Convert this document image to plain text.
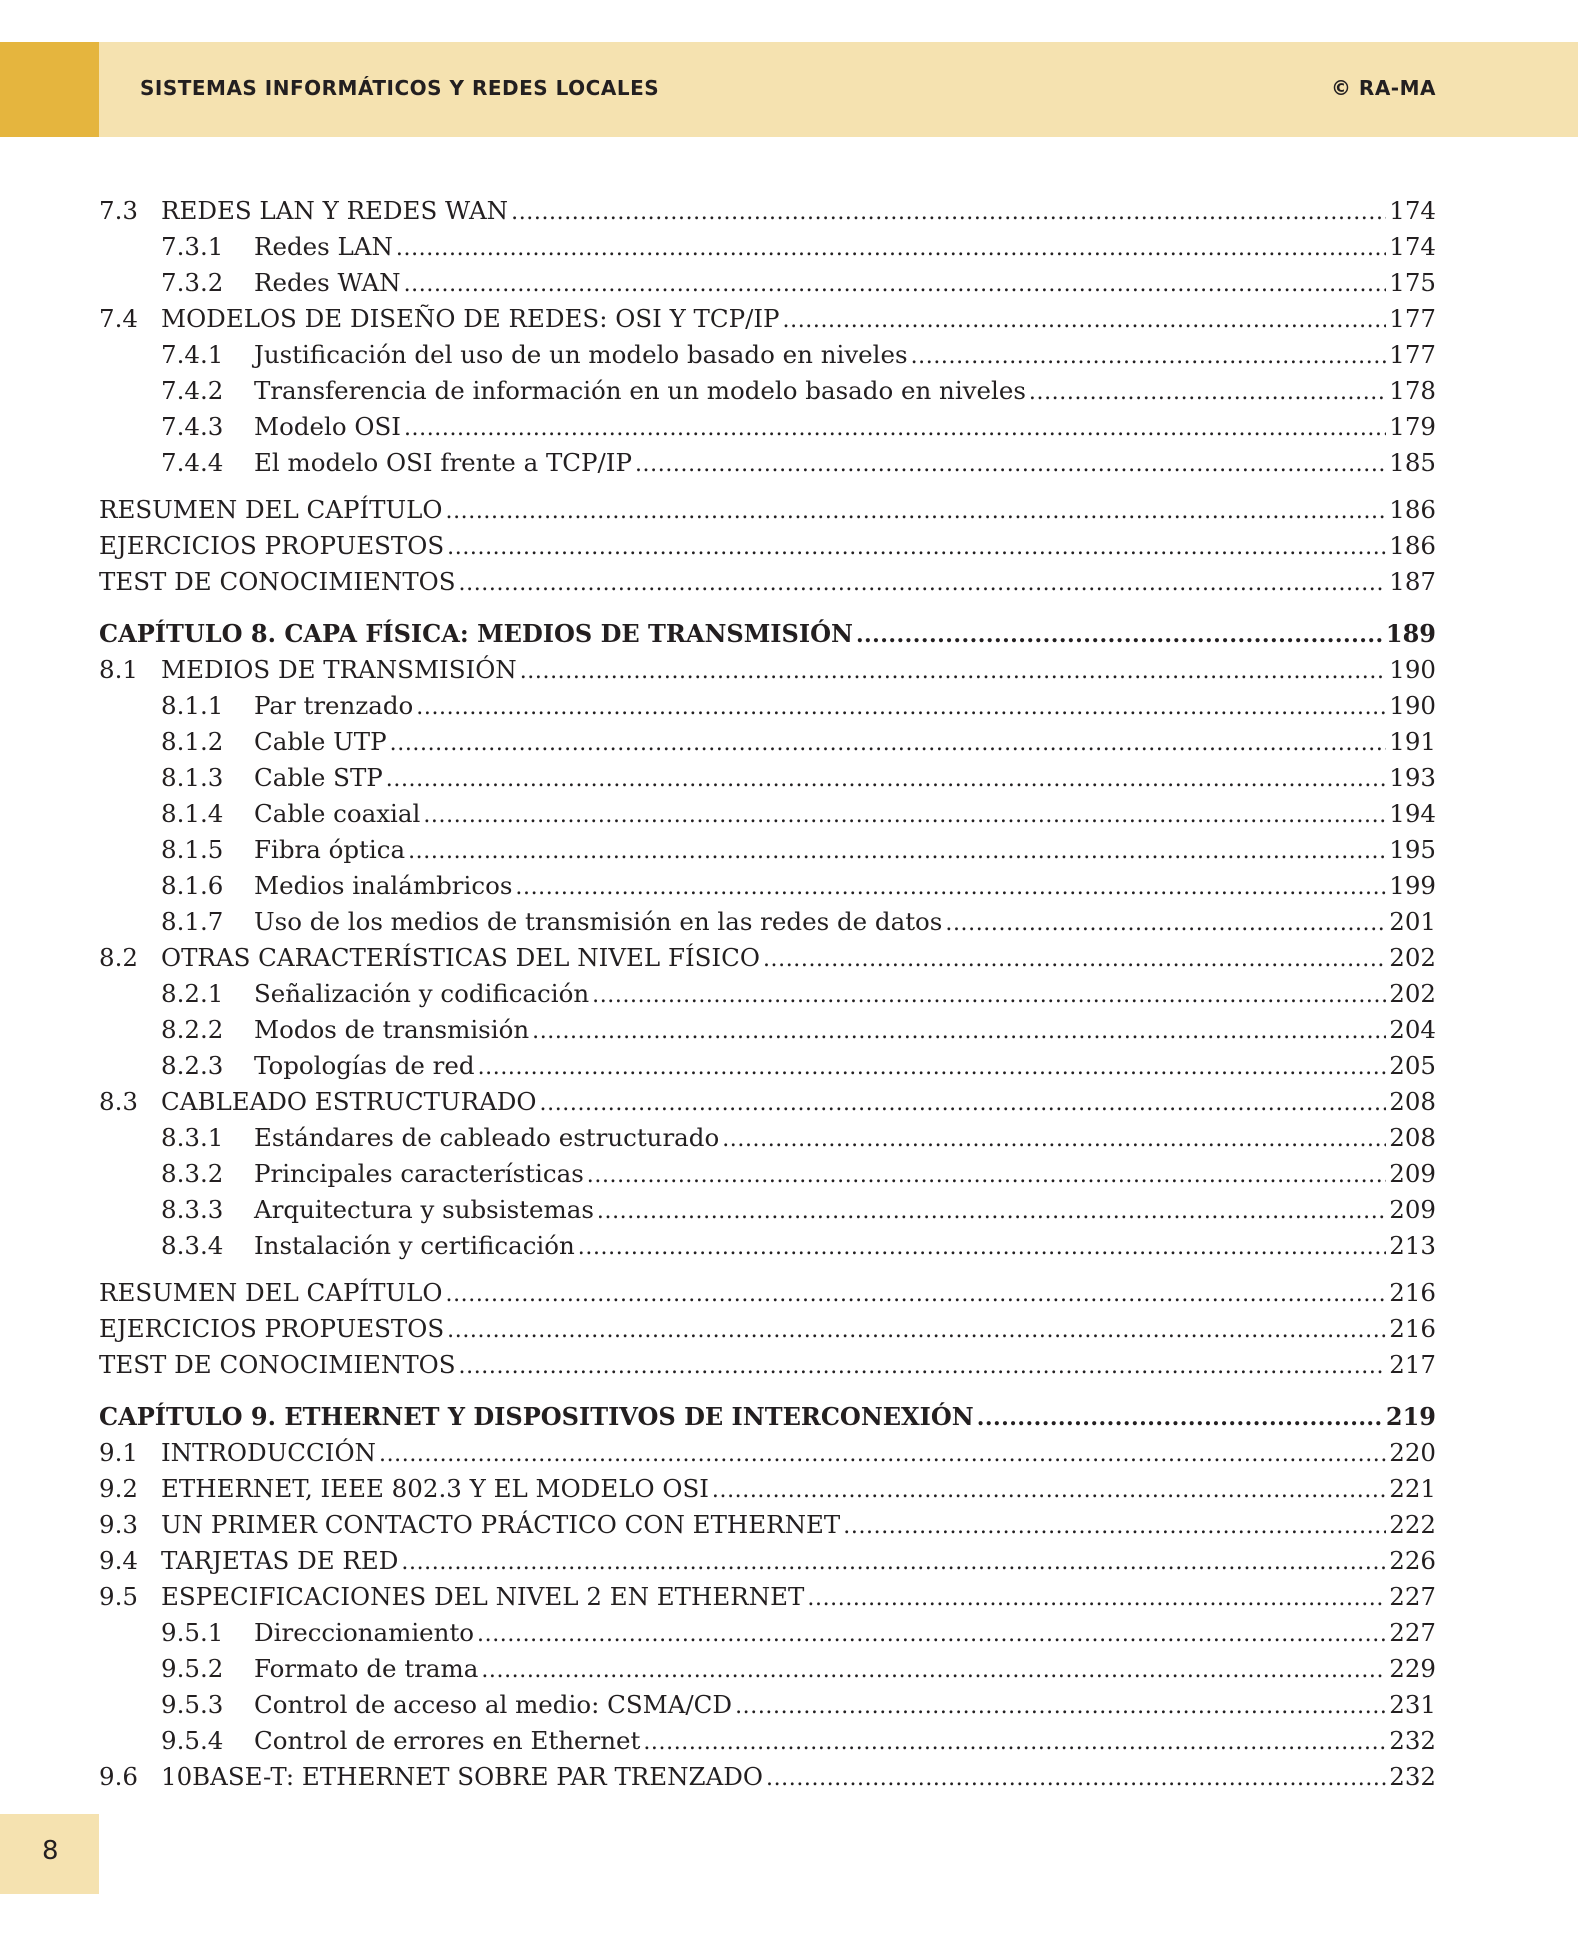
SISTEMAS INFORMÁTICOS Y REDES LOCALES	© RA-MA
7.3 REDES LAN Y REDES WAN . . .	174
7.3.1	Redes LAN . . .	174
7.3.2	Redes WAN . . .	175
7.4 MODELOS DE DISEÑO DE REDES: OSI Y TCP/IP . . .	177
7.4.1	Justificación del uso de un modelo basado en niveles . . .	177
7.4.2	Transferencia de información en un modelo basado en niveles . . .	178
7.4.3	Modelo OSI . . .	179
7.4.4	El modelo OSI frente a TCP/IP . . .	185
RESUMEN DEL CAPÍTULO . . .	186
EJERCICIOS PROPUESTOS . . .	186
TEST DE CONOCIMIENTOS . . .	187
CAPÍTULO 8. CAPA FÍSICA: MEDIOS DE TRANSMISIÓN . . .	189
8.1 MEDIOS DE TRANSMISIÓN . . .	190
8.1.1	Par trenzado . . .	190
8.1.2	Cable UTP . . .	191
8.1.3	Cable STP . . .	193
8.1.4	Cable coaxial . . .	194
8.1.5	Fibra óptica . . .	195
8.1.6	Medios inalámbricos . . .	199
8.1.7	Uso de los medios de transmisión en las redes de datos . . .	201
8.2 OTRAS CARACTERÍSTICAS DEL NIVEL FÍSICO . . .	202
8.2.1	Señalización y codificación . . .	202
8.2.2	Modos de transmisión . . .	204
8.2.3	Topologías de red . . .	205
8.3 CABLEADO ESTRUCTURADO . . .	208
8.3.1	Estándares de cableado estructurado . . .	208
8.3.2	Principales características . . .	209
8.3.3	Arquitectura y subsistemas . . .	209
8.3.4	Instalación y certificación . . .	213
RESUMEN DEL CAPÍTULO . . .	216
EJERCICIOS PROPUESTOS . . .	216
TEST DE CONOCIMIENTOS . . .	217
CAPÍTULO 9. ETHERNET Y DISPOSITIVOS DE INTERCONEXIÓN . . .	219
9.1 INTRODUCCIÓN . . .	220
9.2 ETHERNET, IEEE 802.3 Y EL MODELO OSI . . .	221
9.3 UN PRIMER CONTACTO PRÁCTICO CON ETHERNET . . .	222
9.4 TARJETAS DE RED . . .	226
9.5 ESPECIFICACIONES DEL NIVEL 2 EN ETHERNET . . .	227
9.5.1	Direccionamiento . . .	227
9.5.2	Formato de trama . . .	229
9.5.3	Control de acceso al medio: CSMA/CD . . .	231
9.5.4	Control de errores en Ethernet . . .	232
9.6 10BASE-T: ETHERNET SOBRE PAR TRENZADO . . .	232
8
